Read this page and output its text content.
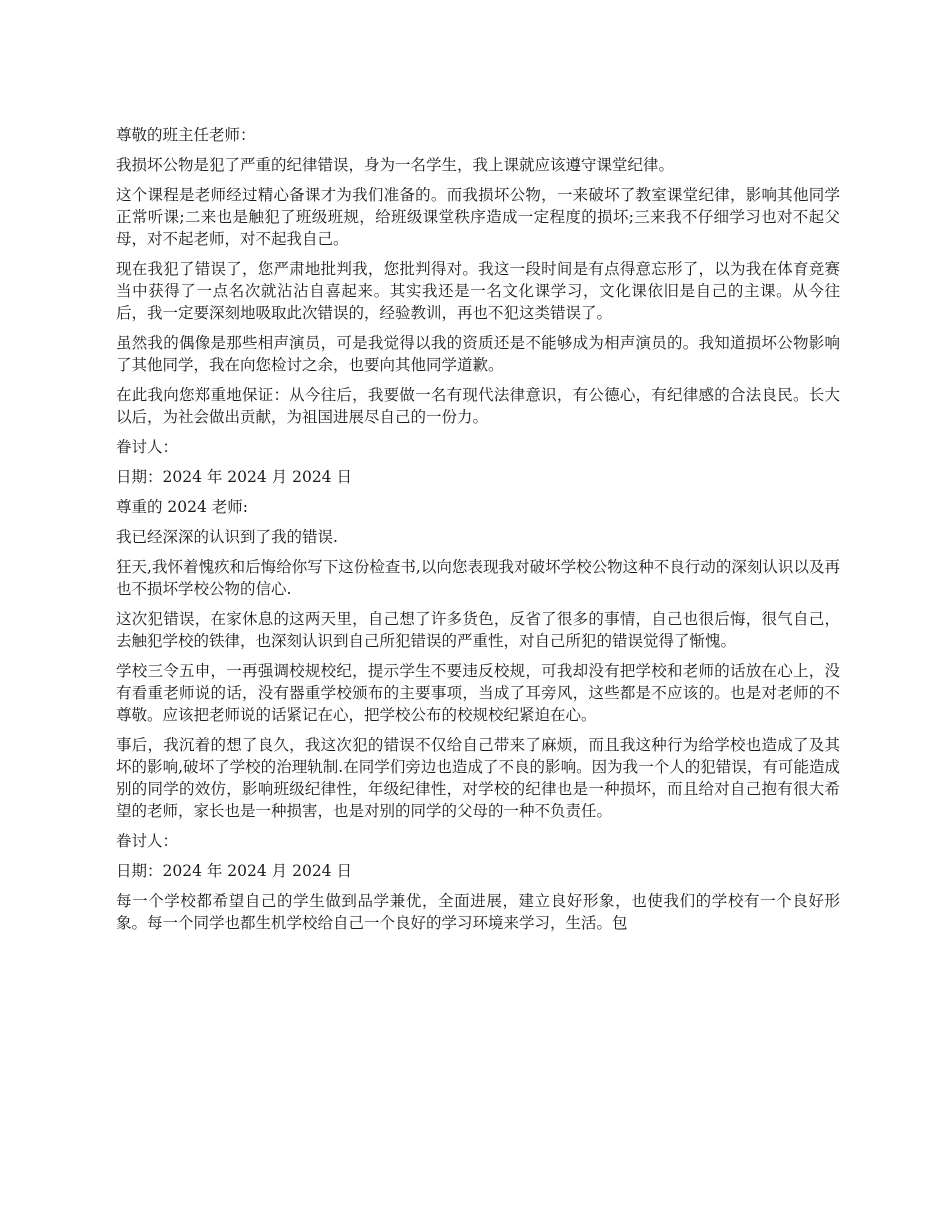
尊敬的班主任老师：

我损坏公物是犯了严重的纪律错误，身为一名学生，我上课就应该遵守课堂纪律。

这个课程是老师经过精心备课才为我们准备的。而我损坏公物，一来破坏了教室课堂纪律，影响其他同学正常听课;二来也是触犯了班级班规，给班级课堂秩序造成一定程度的损坏;三来我不仔细学习也对不起父母，对不起老师，对不起我自己。

现在我犯了错误了，您严肃地批判我，您批判得对。我这一段时间是有点得意忘形了，以为我在体育竞赛当中获得了一点名次就沾沾自喜起来。其实我还是一名文化课学习，文化课依旧是自己的主课。从今往后，我一定要深刻地吸取此次错误的，经验教训，再也不犯这类错误了。

虽然我的偶像是那些相声演员，可是我觉得以我的资质还是不能够成为相声演员的。我知道损坏公物影响了其他同学，我在向您检讨之余，也要向其他同学道歉。

在此我向您郑重地保证：从今往后，我要做一名有现代法律意识，有公德心，有纪律感的合法良民。长大以后，为社会做出贡献，为祖国进展尽自己的一份力。

眷讨人：

日期：2024 年 2024 月 2024 日

尊重的 2024 老师:

我已经深深的认识到了我的错误.

狂天,我怀着愧疚和后悔给你写下这份检查书,以向您表现我对破坏学校公物这种不良行动的深刻认识以及再也不损坏学校公物的信心.

这次犯错误，在家休息的这两天里，自己想了许多货色，反省了很多的事情，自己也很后悔，很气自己，去触犯学校的铁律，也深刻认识到自己所犯错误的严重性，对自己所犯的错误觉得了惭愧。

学校三令五申，一再强调校规校纪，提示学生不要违反校规，可我却没有把学校和老师的话放在心上，没有看重老师说的话，没有器重学校颁布的主要事项，当成了耳旁风，这些都是不应该的。也是对老师的不尊敬。应该把老师说的话紧记在心，把学校公布的校规校纪紧迫在心。

事后，我沉着的想了良久，我这次犯的错误不仅给自己带来了麻烦，而且我这种行为给学校也造成了及其坏的影响,破坏了学校的治理轨制.在同学们旁边也造成了不良的影响。因为我一个人的犯错误，有可能造成别的同学的效仿，影响班级纪律性，年级纪律性，对学校的纪律也是一种损坏，而且给对自己抱有很大希望的老师，家长也是一种损害，也是对别的同学的父母的一种不负责任。

眷讨人：

日期：2024 年 2024 月 2024 日

每一个学校都希望自己的学生做到品学兼优，全面进展，建立良好形象，也使我们的学校有一个良好形象。每一个同学也都生机学校给自己一个良好的学习环境来学习，生活。包
